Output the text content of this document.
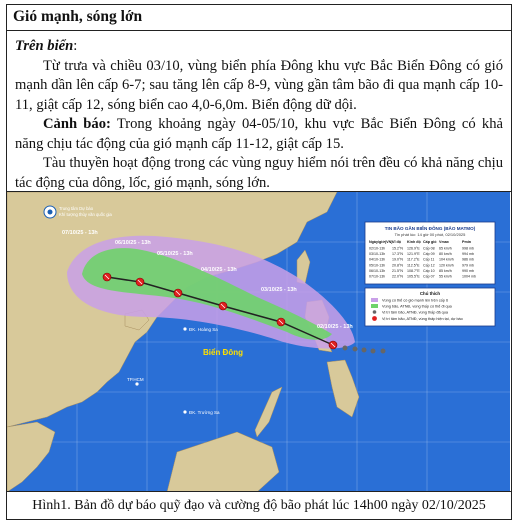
Gió mạnh, sóng lớn
Trên biển:

Từ trưa và chiều 03/10, vùng biển phía Đông khu vực Bắc Biển Đông có gió mạnh dần lên cấp 6-7; sau tăng lên cấp 8-9, vùng gần tâm bão đi qua mạnh cấp 10-11, giật cấp 12, sóng biển cao 4,0-6,0m. Biển động dữ dội.

Cảnh báo: Trong khoảng ngày 04-05/10, khu vực Bắc Biển Đông có khả năng chịu tác động của gió mạnh cấp 11-12, giật cấp 15.

Tàu thuyền hoạt động trong các vùng nguy hiểm nói trên đều có khả năng chịu tác động của dông, lốc, gió mạnh, sóng lớn.

07/10/25 - 13h
06/10/25 - 13h
05/10/25 - 13h
04/10/25 - 13h
03/10/25 - 13h
02/10/25 - 13h
Biển Đông
ĐK. Hoàng Sa
ĐK. Trường Sa
TP.HCM
Trung tâm Dự báo
Khí tượng thủy văn quốc gia
TIN BÃO GẦN BIỂN ĐÔNG (BÃO MATMO)
Tin phát lúc: 14 giờ 00 phút, 02/10/2025
Ngày/giờ(VN) Vĩ độ Kinh độ Cấp gió Vmax	Pmin
02/10-13h 15.2°N 126.9°E Cấp 08 65 km/h	998 mb
03/10-13h 17.3°N 121.9°E Cấp 09 80 km/h	994 mb
04/10-13h 19.0°N 117.2°E Cấp 11 104 km/h 986 mb
05/10-13h 20.8°N 112.5°E Cấp 12 120 km/h 979 mb
06/10-13h 21.5°N 108.7°E Cấp 10 85 km/h	990 mb
07/10-13h 22.0°N 105.5°E Cấp 07 55 km/h	1004 mb
Chú thích
Vùng có thể có gió mạnh lên trên cấp 6
Vùng bão, ATNĐ, vùng thấp có thể đi qua
Vị trí tâm bão, ATNĐ, vùng thấp đã qua
Vị trí tâm bão, ATNĐ, vùng thấp hiện tại, dự báo
Hình1. Bản đồ dự báo quỹ đạo và cường độ bão phát lúc 14h00 ngày 02/10/2025
